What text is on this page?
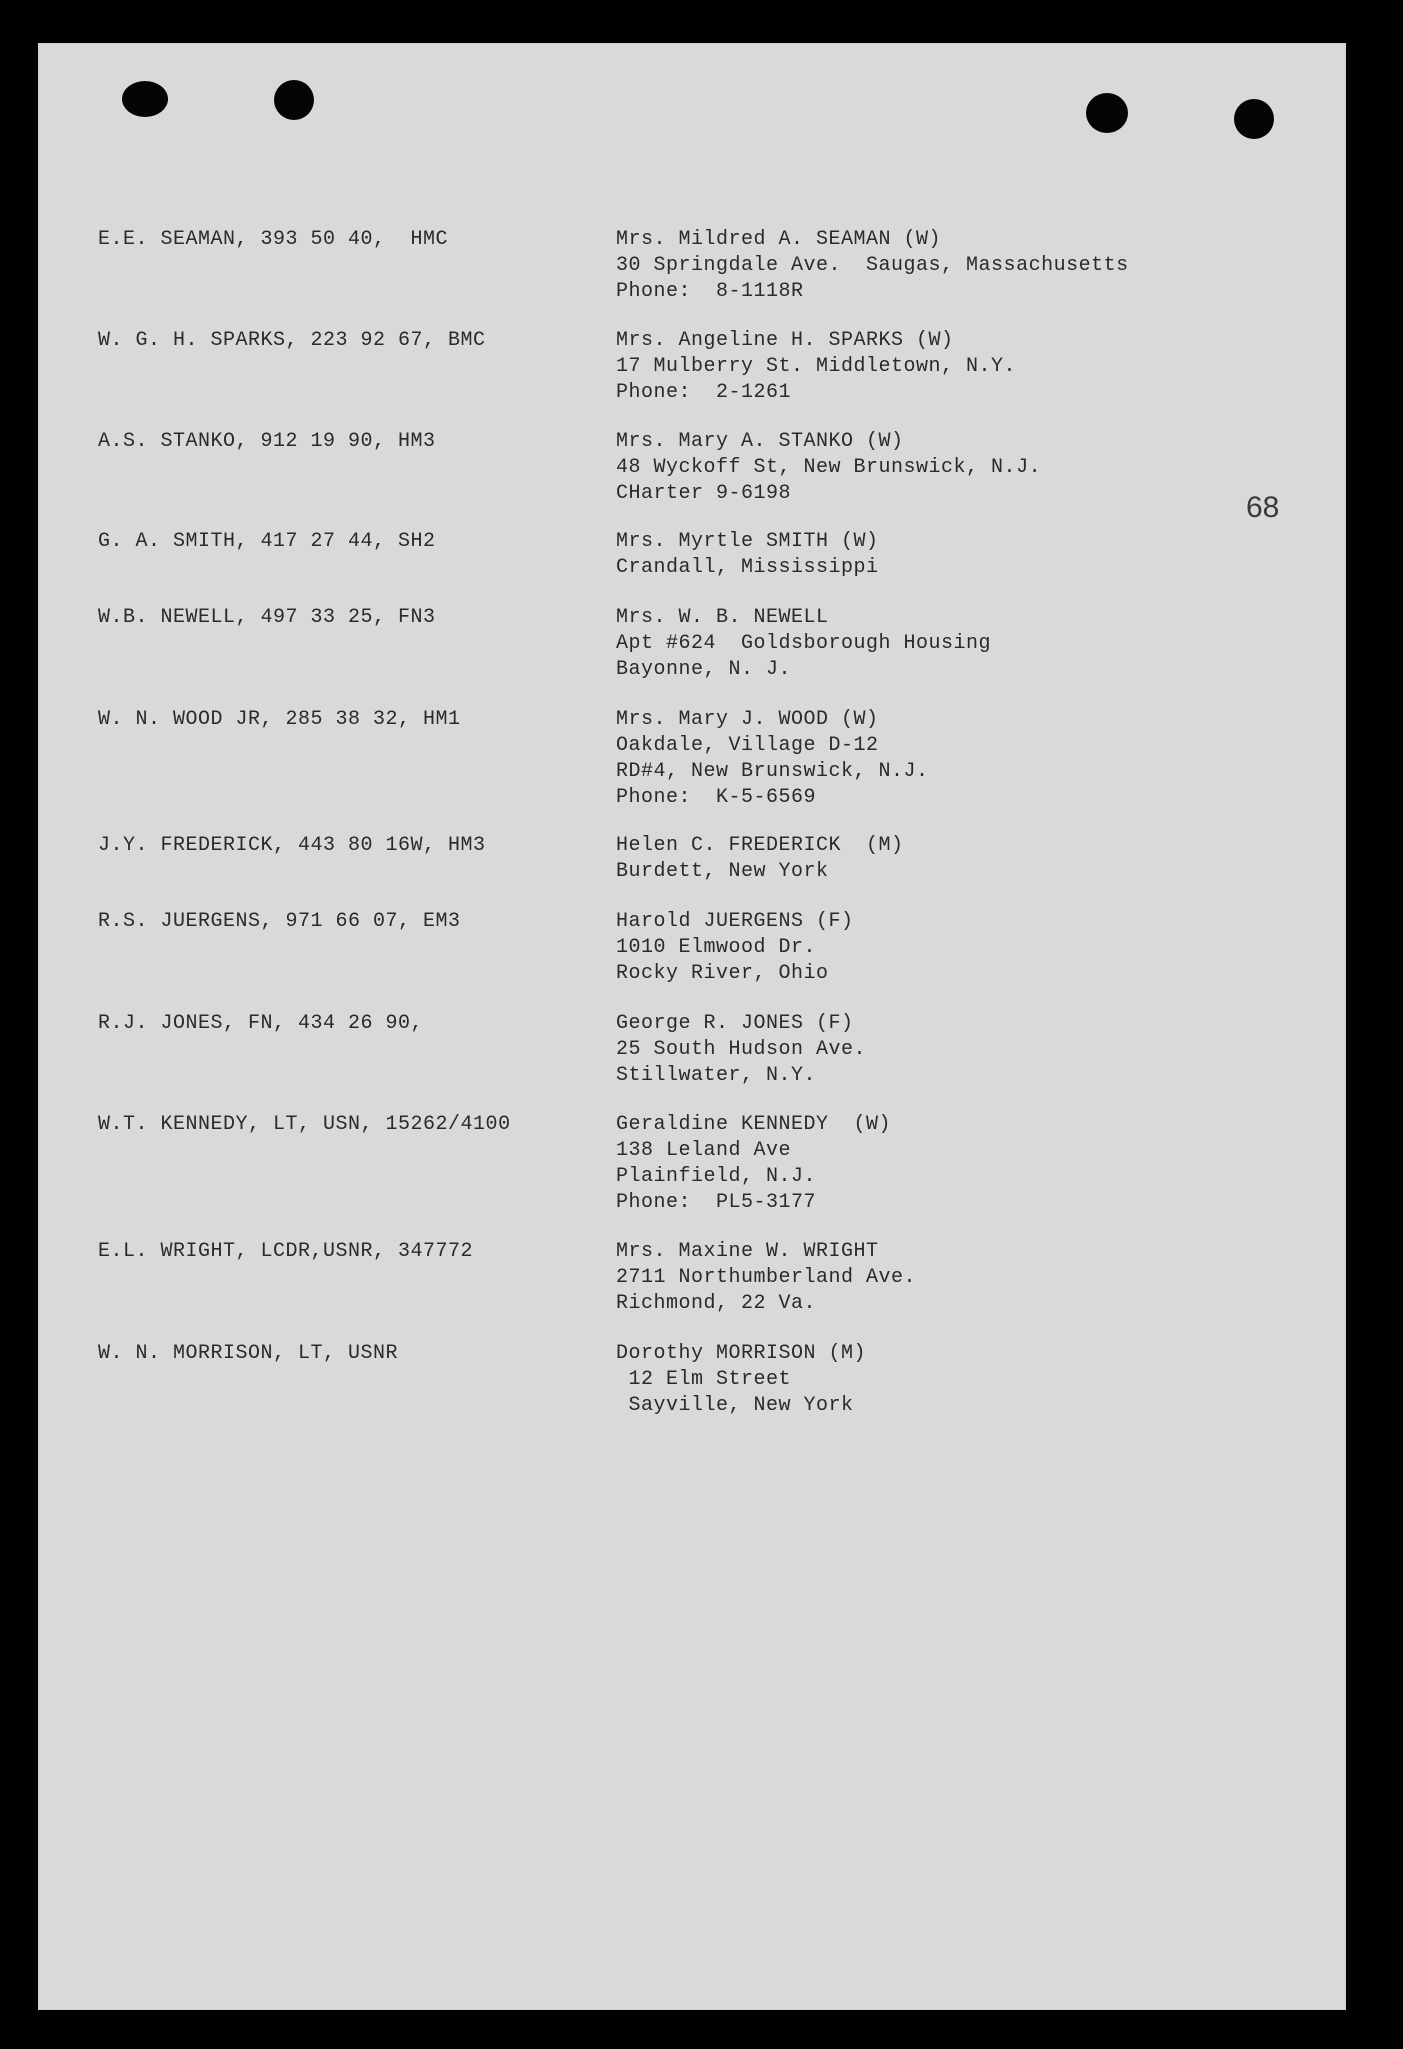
68
E.E. SEAMAN, 393 50 40,  HMC	Mrs. Mildred A. SEAMAN (W)
30 Springdale Ave.  Saugas, Massachusetts
Phone:  8-1118R
W. G. H. SPARKS, 223 92 67, BMC	Mrs. Angeline H. SPARKS (W)
17 Mulberry St. Middletown, N.Y.
Phone:  2-1261
A.S. STANKO, 912 19 90, HM3	Mrs. Mary A. STANKO (W)
48 Wyckoff St, New Brunswick, N.J.
CHarter 9-6198
G. A. SMITH, 417 27 44, SH2	Mrs. Myrtle SMITH (W)
Crandall, Mississippi
W.B. NEWELL, 497 33 25, FN3	Mrs. W. B. NEWELL
Apt #624  Goldsborough Housing
Bayonne, N. J.
W. N. WOOD JR, 285 38 32, HM1	Mrs. Mary J. WOOD (W)
Oakdale, Village D-12
RD#4, New Brunswick, N.J.
Phone:  K-5-6569
J.Y. FREDERICK, 443 80 16W, HM3	Helen C. FREDERICK  (M)
Burdett, New York
R.S. JUERGENS, 971 66 07, EM3	Harold JUERGENS (F)
1010 Elmwood Dr.
Rocky River, Ohio
R.J. JONES, FN, 434 26 90,	George R. JONES (F)
25 South Hudson Ave.
Stillwater, N.Y.
W.T. KENNEDY, LT, USN, 15262/4100	Geraldine KENNEDY  (W)
138 Leland Ave
Plainfield, N.J.
Phone:  PL5-3177
E.L. WRIGHT, LCDR,USNR, 347772	Mrs. Maxine W. WRIGHT
2711 Northumberland Ave.
Richmond, 22 Va.
W. N. MORRISON, LT, USNR	Dorothy MORRISON (M)
12 Elm Street
Sayville, New York
